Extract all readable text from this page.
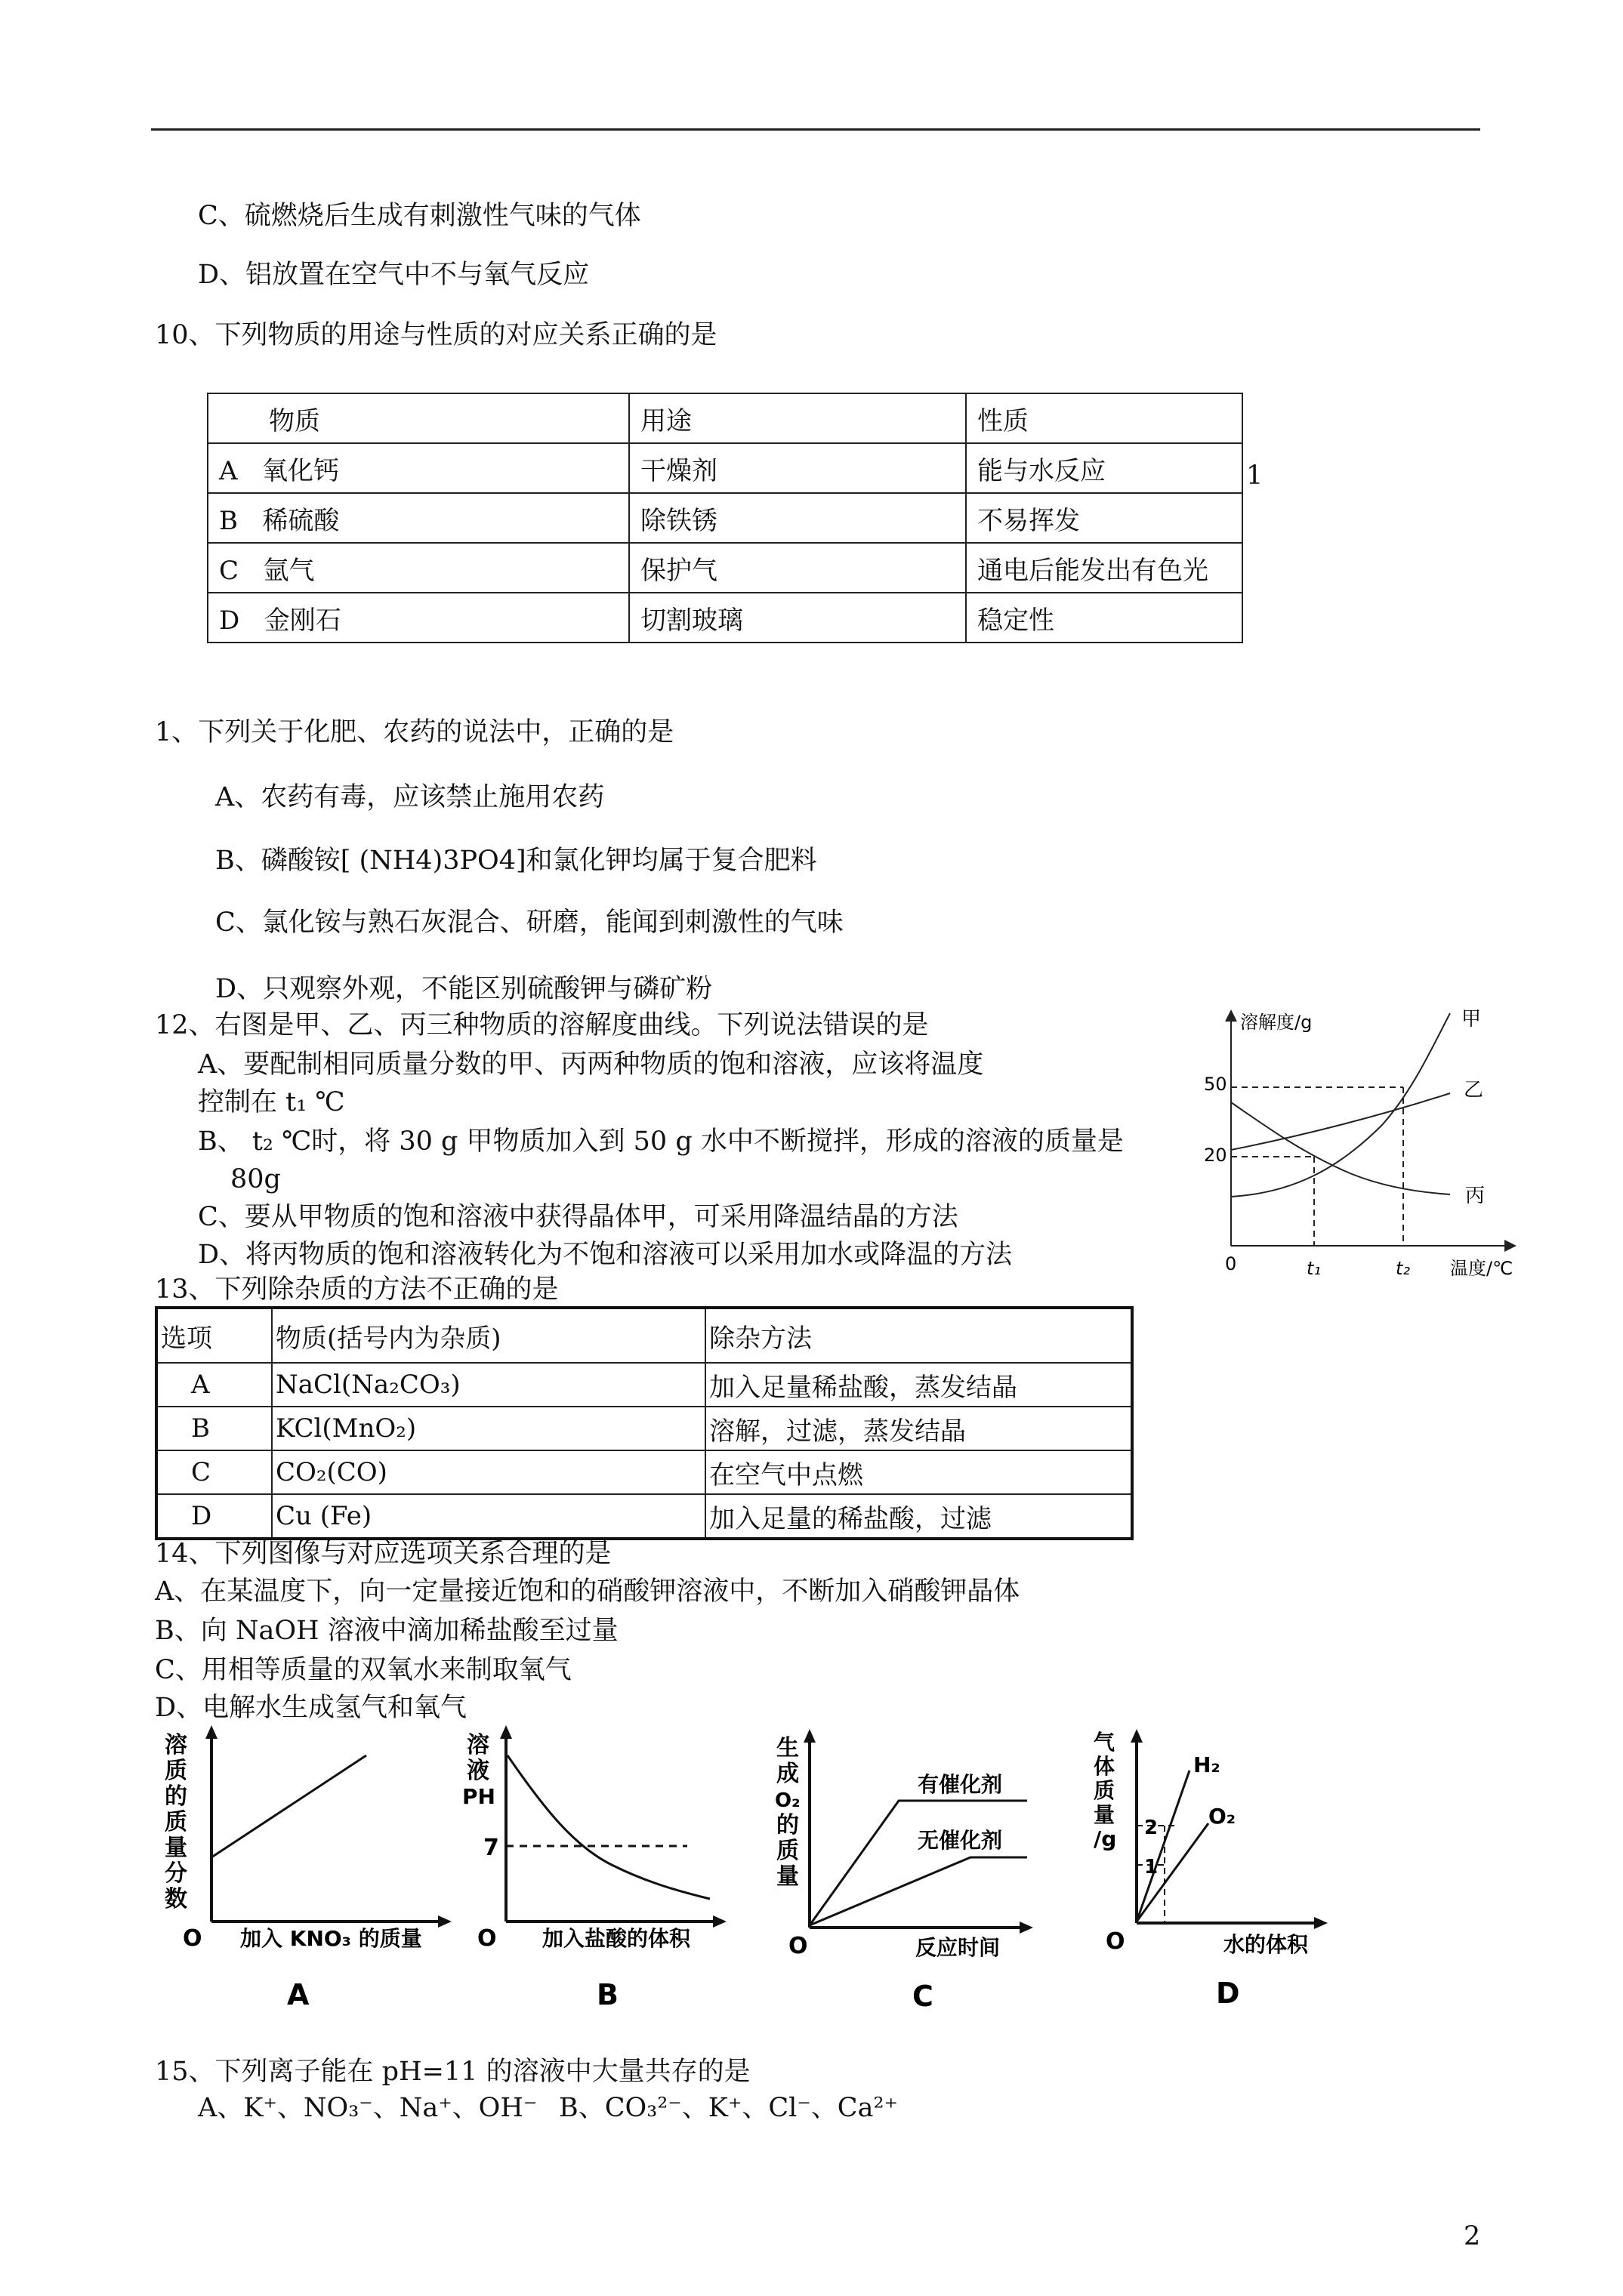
C、硫燃烧后生成有刺激性气味的气体
D、铝放置在空气中不与氧气反应
10、下列物质的用途与性质的对应关系正确的是
物质	用途	性质
A 氧化钙	干燥剂	能与水反应
B 稀硫酸	除铁锈	不易挥发
C 氩气	保护气	通电后能发出有色光
D 金刚石	切割玻璃	稳定性
1
1、下列关于化肥、农药的说法中，正确的是
A、农药有毒，应该禁止施用农药
B、磷酸铵[ (NH4)3PO4]和氯化钾均属于复合肥料
C、氯化铵与熟石灰混合、研磨，能闻到刺激性的气味
D、只观察外观，不能区别硫酸钾与磷矿粉
12、右图是甲、乙、丙三种物质的溶解度曲线。下列说法错误的是
A、要配制相同质量分数的甲、丙两种物质的饱和溶液，应该将温度
控制在 t₁ ℃
B、 t₂ ℃时，将 30 g 甲物质加入到 50 g 水中不断搅拌，形成的溶液的质量是
80g
C、要从甲物质的饱和溶液中获得晶体甲，可采用降温结晶的方法
D、将丙物质的饱和溶液转化为不饱和溶液可以采用加水或降温的方法
溶解度/g
温度/℃
0
20
50
t₁	t₂
甲
乙
丙
13、下列除杂质的方法不正确的是
选项	物质(括号内为杂质)	除杂方法
A	NaCl(Na₂CO₃)	加入足量稀盐酸，蒸发结晶
B	KCl(MnO₂)	溶解，过滤，蒸发结晶
C	CO₂(CO)	在空气中点燃
D	Cu (Fe)	加入足量的稀盐酸，过滤
14、下列图像与对应选项关系合理的是
A、在某温度下，向一定量接近饱和的硝酸钾溶液中，不断加入硝酸钾晶体
B、向 NaOH 溶液中滴加稀盐酸至过量
C、用相等质量的双氧水来制取氧气
D、电解水生成氢气和氧气
溶
质
的
质
量
分
数
O 加入 KNO₃ 的质量
A
溶
液
PH
7
O 加入盐酸的体积
B
生
成
O₂
的
质
量
有催化剂
无催化剂
O	反应时间
C
气
体
质
量
/g 2
1
H₂
O₂
O	水的体积
D
15、下列离子能在 pH=11 的溶液中大量共存的是
A、K⁺、NO₃⁻、Na⁺、OH⁻ B、CO₃²⁻、K⁺、Cl⁻、Ca²⁺
2
